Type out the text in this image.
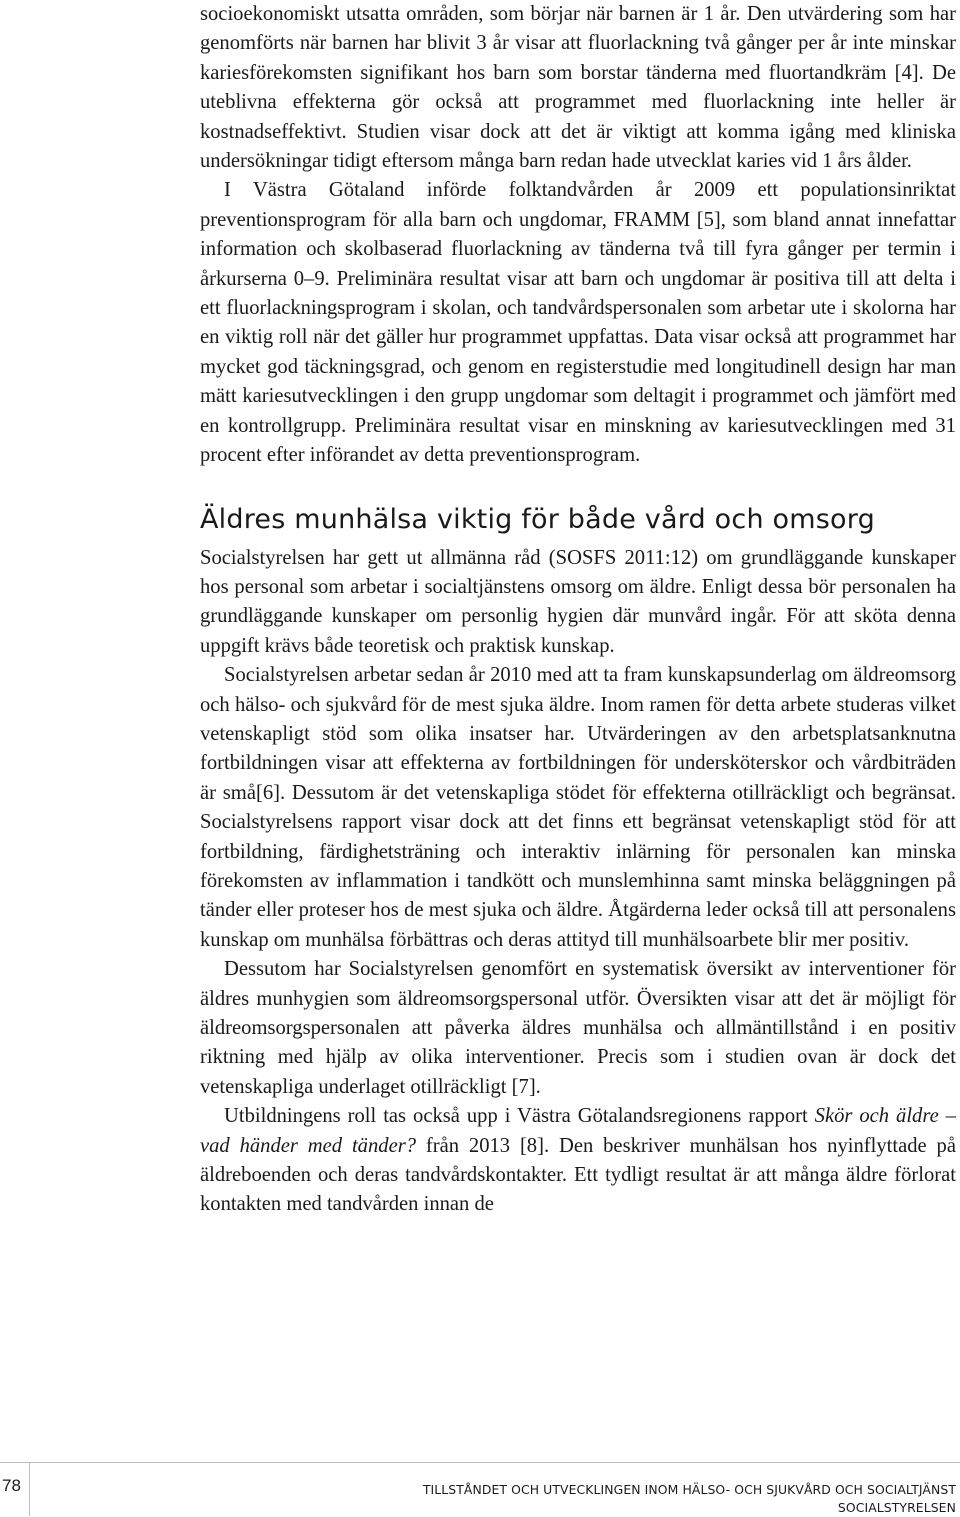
socioekonomiskt utsatta områden, som börjar när barnen är 1 år. Den utvärdering som har genomförts när barnen har blivit 3 år visar att fluorlackning två gånger per år inte minskar kariesförekomsten signifikant hos barn som borstar tänderna med fluortandkräm [4]. De uteblivna effekterna gör också att programmet med fluorlackning inte heller är kostnadseffektivt. Studien visar dock att det är viktigt att komma igång med kliniska undersökningar tidigt eftersom många barn redan hade utvecklat karies vid 1 års ålder.

I Västra Götaland införde folktandvården år 2009 ett populationsinriktat preventionsprogram för alla barn och ungdomar, FRAMM [5], som bland annat innefattar information och skolbaserad fluorlackning av tänderna två till fyra gånger per termin i årkurserna 0–9. Preliminära resultat visar att barn och ungdomar är positiva till att delta i ett fluorlackningsprogram i skolan, och tandvårdspersonalen som arbetar ute i skolorna har en viktig roll när det gäller hur programmet uppfattas. Data visar också att programmet har mycket god täckningsgrad, och genom en registerstudie med longitudinell design har man mätt kariesutvecklingen i den grupp ungdomar som deltagit i programmet och jämfört med en kontrollgrupp. Preliminära resultat visar en minskning av kariesutvecklingen med 31 procent efter införandet av detta preventionsprogram.

Äldres munhälsa viktig för både vård och omsorg

Socialstyrelsen har gett ut allmänna råd (SOSFS 2011:12) om grundläggande kunskaper hos personal som arbetar i socialtjänstens omsorg om äldre. Enligt dessa bör personalen ha grundläggande kunskaper om personlig hygien där munvård ingår. För att sköta denna uppgift krävs både teoretisk och praktisk kunskap.

Socialstyrelsen arbetar sedan år 2010 med att ta fram kunskapsunderlag om äldreomsorg och hälso- och sjukvård för de mest sjuka äldre. Inom ramen för detta arbete studeras vilket vetenskapligt stöd som olika insatser har. Utvärderingen av den arbetsplatsanknutna fortbildningen visar att effekterna av fortbildningen för undersköterskor och vårdbiträden är små[6]. Dessutom är det vetenskapliga stödet för effekterna otillräckligt och begränsat. Socialstyrelsens rapport visar dock att det finns ett begränsat vetenskapligt stöd för att fortbildning, färdighetsträning och interaktiv inlärning för personalen kan minska förekomsten av inflammation i tandkött och munslemhinna samt minska beläggningen på tänder eller proteser hos de mest sjuka och äldre. Åtgärderna leder också till att personalens kunskap om munhälsa förbättras och deras attityd till munhälsoarbete blir mer positiv.

Dessutom har Socialstyrelsen genomfört en systematisk översikt av interventioner för äldres munhygien som äldreomsorgspersonal utför. Översikten visar att det är möjligt för äldreomsorgspersonalen att påverka äldres munhälsa och allmäntillstånd i en positiv riktning med hjälp av olika interventioner. Precis som i studien ovan är dock det vetenskapliga underlaget otillräckligt [7].

Utbildningens roll tas också upp i Västra Götalandsregionens rapport Skör och äldre – vad händer med tänder? från 2013 [8]. Den beskriver munhälsan hos nyinflyttade på äldreboenden och deras tandvårdskontakter. Ett tydligt resultat är att många äldre förlorat kontakten med tandvården innan de

78	TILLSTÅNDET OCH UTVECKLINGEN INOM HÄLSO- OCH SJUKVÅRD OCH SOCIALTJÄNST
SOCIALSTYRELSEN
